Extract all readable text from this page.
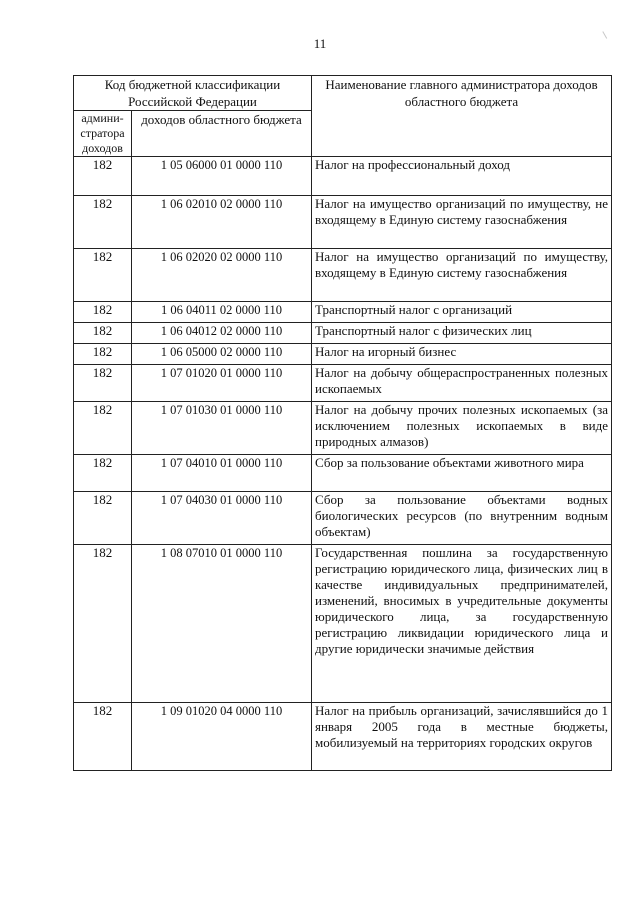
11
Код бюджетной классификации Российской Федерации		Наименование главного администратора доходов областного бюджета
админи-стратора доходов	доходов областного бюджета	
182	1 05 06000 01 0000 110	Налог на профессиональный доход
182	1 06 02010 02 0000 110	Налог на имущество организаций по имуществу, не входящему в Единую систему газоснабжения
182	1 06 02020 02 0000 110	Налог на имущество организаций по имуществу, входящему в Единую систему газоснабжения
182	1 06 04011 02 0000 110	Транспортный налог с организаций
182	1 06 04012 02 0000 110	Транспортный налог с физических лиц
182	1 06 05000 02 0000 110	Налог на игорный бизнес
182	1 07 01020 01 0000 110	Налог на добычу общераспространенных полезных ископаемых
182	1 07 01030 01 0000 110	Налог на добычу прочих полезных ископаемых (за исключением полезных ископаемых в виде природных алмазов)
182	1 07 04010 01 0000 110	Сбор за пользование объектами животного мира
182	1 07 04030 01 0000 110	Сбор за пользование объектами водных биологических ресурсов (по внутренним водным объектам)
182	1 08 07010 01 0000 110	Государственная пошлина за государственную регистрацию юридического лица, физических лиц в качестве индивидуальных предпринимателей, изменений, вносимых в учредительные документы юридического лица, за государственную регистрацию ликвидации юридического лица и другие юридически значимые действия
182	1 09 01020 04 0000 110	Налог на прибыль организаций, зачислявшийся до 1 января 2005 года в местные бюджеты, мобилизуемый на территориях городских округов
